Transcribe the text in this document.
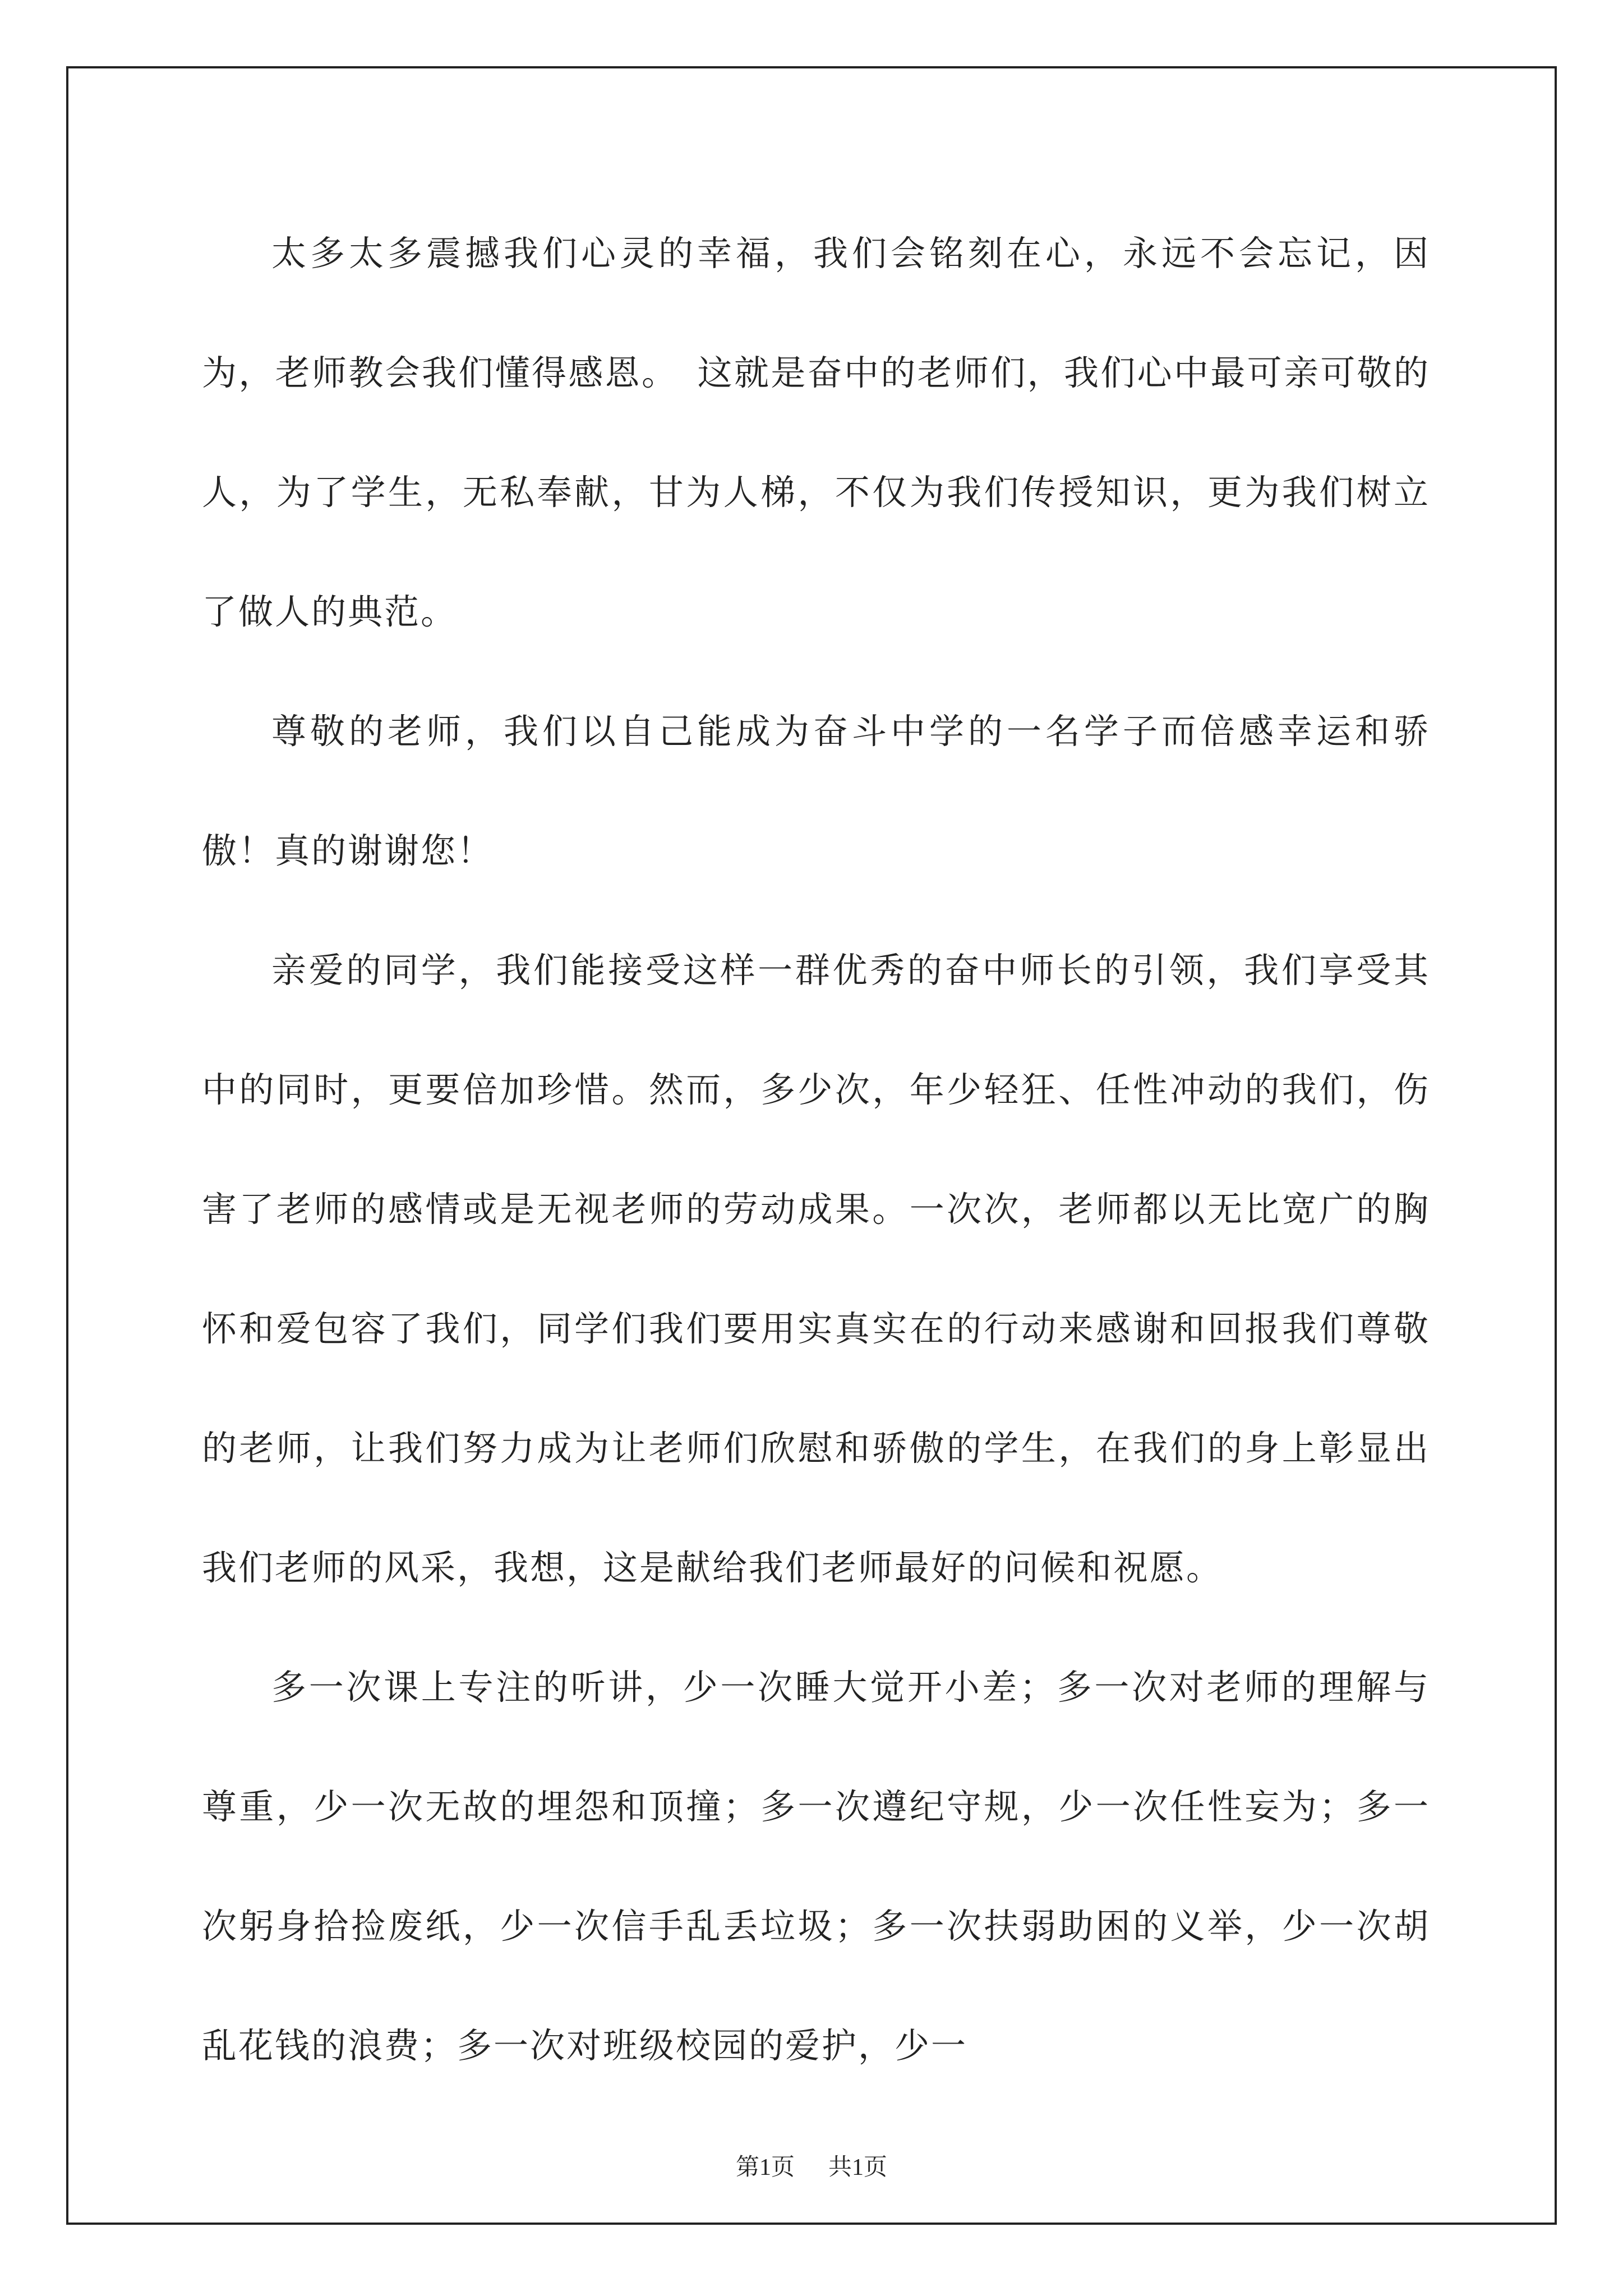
太多太多震撼我们心灵的幸福，我们会铭刻在心，永远不会忘记，因为，老师教会我们懂得感恩。　这就是奋中的老师们，我们心中最可亲可敬的人，为了学生，无私奉献，甘为人梯，不仅为我们传授知识，更为我们树立了做人的典范。

尊敬的老师，我们以自己能成为奋斗中学的一名学子而倍感幸运和骄傲！真的谢谢您！

亲爱的同学，我们能接受这样一群优秀的奋中师长的引领，我们享受其中的同时，更要倍加珍惜。然而，多少次，年少轻狂、任性冲动的我们，伤害了老师的感情或是无视老师的劳动成果。一次次，老师都以无比宽广的胸怀和爱包容了我们，同学们我们要用实真实在的行动来感谢和回报我们尊敬的老师，让我们努力成为让老师们欣慰和骄傲的学生，在我们的身上彰显出我们老师的风采，我想，这是献给我们老师最好的问候和祝愿。

多一次课上专注的听讲，少一次睡大觉开小差；多一次对老师的理解与尊重，少一次无故的埋怨和顶撞；多一次遵纪守规，少一次任性妄为；多一次躬身拾捡废纸，少一次信手乱丢垃圾；多一次扶弱助困的义举，少一次胡乱花钱的浪费；多一次对班级校园的爱护，少一

第1页 共1页
